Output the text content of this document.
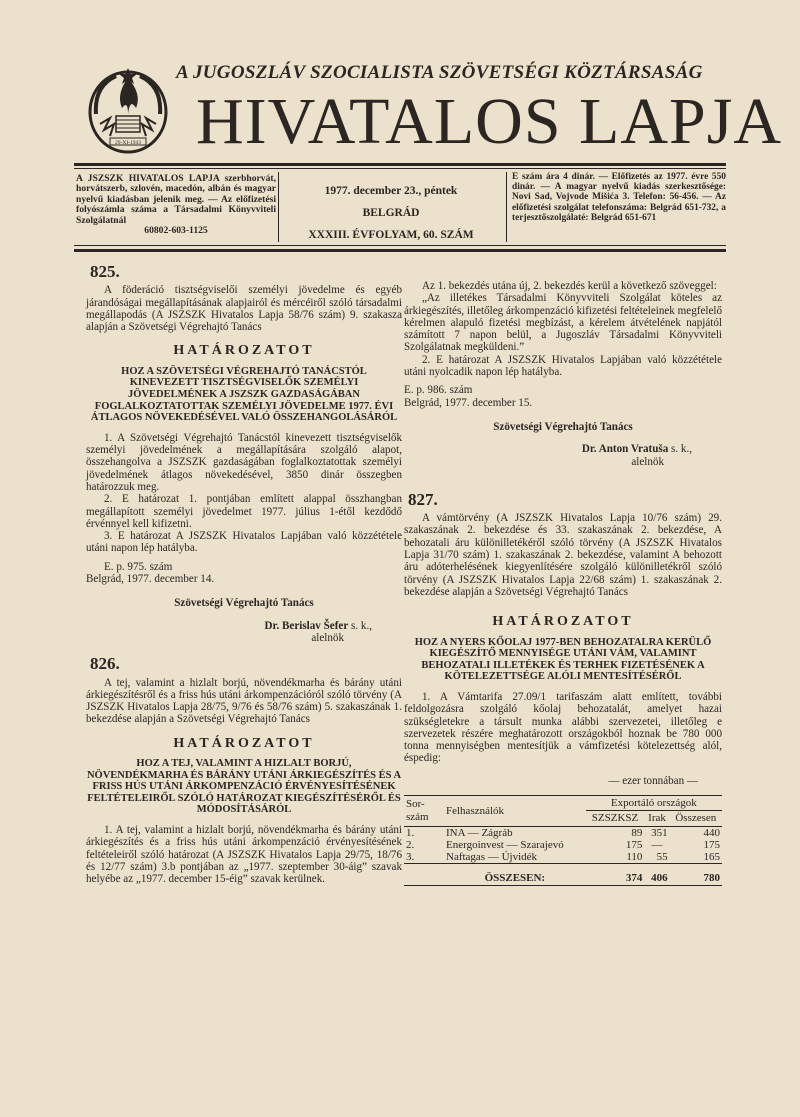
29-XI-1943
A JUGOSZLÁV SZOCIALISTA SZÖVETSÉGI KÖZTÁRSASÁG
HIVATALOS LAPJA
A JSZSZK HIVATALOS LAPJA szerbhorvát, horvátszerb, szlovén, macedón, albán és magyar nyelvű kiadásban jelenik meg. — Az előfizetési folyószámla száma a Társadalmi Könyvviteli Szolgálatnál
60802-603-1125
1977. december 23., péntek
BELGRÁD
XXXIII. ÉVFOLYAM, 60. SZÁM
E szám ára 4 dinár. — Előfizetés az 1977. évre 550 dinár. — A magyar nyelvű kiadás szerkesztősége: Novi Sad, Vojvode Mišića 3. Telefon: 56-456. — Az előfizetési szolgálat telefonszáma: Belgrád 651-732, a terjesztőszolgálaté: Belgrád 651-671
825.

A föderáció tisztségviselői személyi jövedelme és egyéb járandóságai megállapításának alapjairól és mércéiről szóló társadalmi megállapodás (A JSZSZK Hivatalos Lapja 58/76 szám) 9. szakasza alapján a Szövetségi Végrehajtó Tanács

HATÁROZATOT
HOZ A SZÖVETSÉGI VÉGREHAJTÓ TANÁCSTÓL KINEVEZETT TISZTSÉGVISELŐK SZEMÉLYI JÖVEDELMÉNEK A JSZSZK GAZDASÁGÁBAN FOGLALKOZTATOTTAK SZEMÉLYI JÖVEDELME 1977. ÉVI ÁTLAGOS NÖVEKEDÉSÉVEL VALÓ ÖSSZEHANGOLÁSÁRÓL

1. A Szövetségi Végrehajtó Tanácstól kinevezett tisztségviselők személyi jövedelmének a megállapítására szolgáló alapot, összehangolva a JSZSZK gazdaságában foglalkoztatottak személyi jövedelmének átlagos növekedésével, 3850 dinár összegben határozzuk meg.

2. E határozat 1. pontjában említett alappal összhangban megállapított személyi jövedelmet 1977. július 1-étől kezdődő érvénnyel kell kifizetni.

3. E határozat A JSZSZK Hivatalos Lapjában való közzététele utáni napon lép hatályba.

E. p. 975. szám

Belgrád, 1977. december 14.

Szövetségi Végrehajtó Tanács
Dr. Berislav Šefer s. k.,
alelnök
826.

A tej, valamint a hizlalt borjú, növendékmarha és bárány utáni árkiegészítésről és a friss hús utáni árkompenzációról szóló törvény (A JSZSZK Hivatalos Lapja 28/75, 9/76 és 58/76 szám) 5. szakaszának 1. bekezdése alapján a Szövetségi Végrehajtó Tanács

HATÁROZATOT
HOZ A TEJ, VALAMINT A HIZLALT BORJÚ, NÖVENDÉKMARHA ÉS BÁRÁNY UTÁNI ÁRKIEGÉSZÍTÉS ÉS A FRISS HÚS UTÁNI ÁRKOMPENZÁCIÓ ÉRVÉNYESÍTÉSÉNEK FELTÉTELEIRŐL SZÓLÓ HATÁROZAT KIEGÉSZÍTÉSÉRŐL ÉS MÓDOSÍTÁSÁRÓL

1. A tej, valamint a hizlalt borjú, növendékmarha és bárány utáni árkiegészítés és a friss hús utáni árkompenzáció érvényesítésének feltételeiről szóló határozat (A JSZSZK Hivatalos Lapja 29/75, 18/76 és 12/77 szám) 3.b pontjában az „1977. szeptember 30-áig” szavak helyébe az „1977. december 15-éig” szavak kerülnek.

Az 1. bekezdés utána új, 2. bekezdés kerül a következő szöveggel:

„Az illetékes Társadalmi Könyvviteli Szolgálat köteles az árkiegészítés, illetőleg árkompenzáció kifizetési feltételeinek megfelelő kérelmen alapuló fizetési megbízást, a kérelem átvételének napjától számított 7 napon belül, a Jugoszláv Társadalmi Könyvviteli Szolgálatnak megküldeni.”

2. E határozat A JSZSZK Hivatalos Lapjában való közzététele utáni nyolcadik napon lép hatályba.

E. p. 986. szám

Belgrád, 1977. december 15.

Szövetségi Végrehajtó Tanács
Dr. Anton Vratuša s. k.,
alelnök
827.

A vámtörvény (A JSZSZK Hivatalos Lapja 10/76 szám) 29. szakaszának 2. bekezdése és 33. szakaszának 2. bekezdése, A behozatali áru különilletékéről szóló törvény (A JSZSZK Hivatalos Lapja 31/70 szám) 1. szakaszának 2. bekezdése, valamint A behozott áru adóterhelésének kiegyenlítésére szolgáló különilletékről szóló törvény (A JSZSZK Hivatalos Lapja 22/68 szám) 1. szakaszának 2. bekezdése alapján a Szövetségi Végrehajtó Tanács

HATÁROZATOT
HOZ A NYERS KŐOLAJ 1977-BEN BEHOZATALRA KERÜLŐ KIEGÉSZÍTŐ MENNYISÉGE UTÁNI VÁM, VALAMINT BEHOZATALI ILLETÉKEK ÉS TERHEK FIZETÉSÉNEK A KÖTELEZETTSÉGE ALÓLI MENTESÍTÉSÉRŐL

1. A Vámtarifa 27.09/1 tarifaszám alatt említett, további feldolgozásra szolgáló kőolaj behozatalát, amelyet hazai szükségletekre a társult munka alábbi szervezetei, illetőleg e szervezetek részére meghatározott országokból hoznak be 780 000 tonna mennyiségben mentesítjük a vámfizetési kötelezettség alól, éspedig:

— ezer tonnában —
Sor-
szám	Felhasználók	Exportáló országok		
		SZSZKSZ	Irak	Összesen
1.	INA — Zágráb	89	351	440
2.	Energoinvest — Szarajevó	175	—	175
3.	Naftagas — Újvidék	110	55	165
	ÖSSZESEN:	374	406	780
